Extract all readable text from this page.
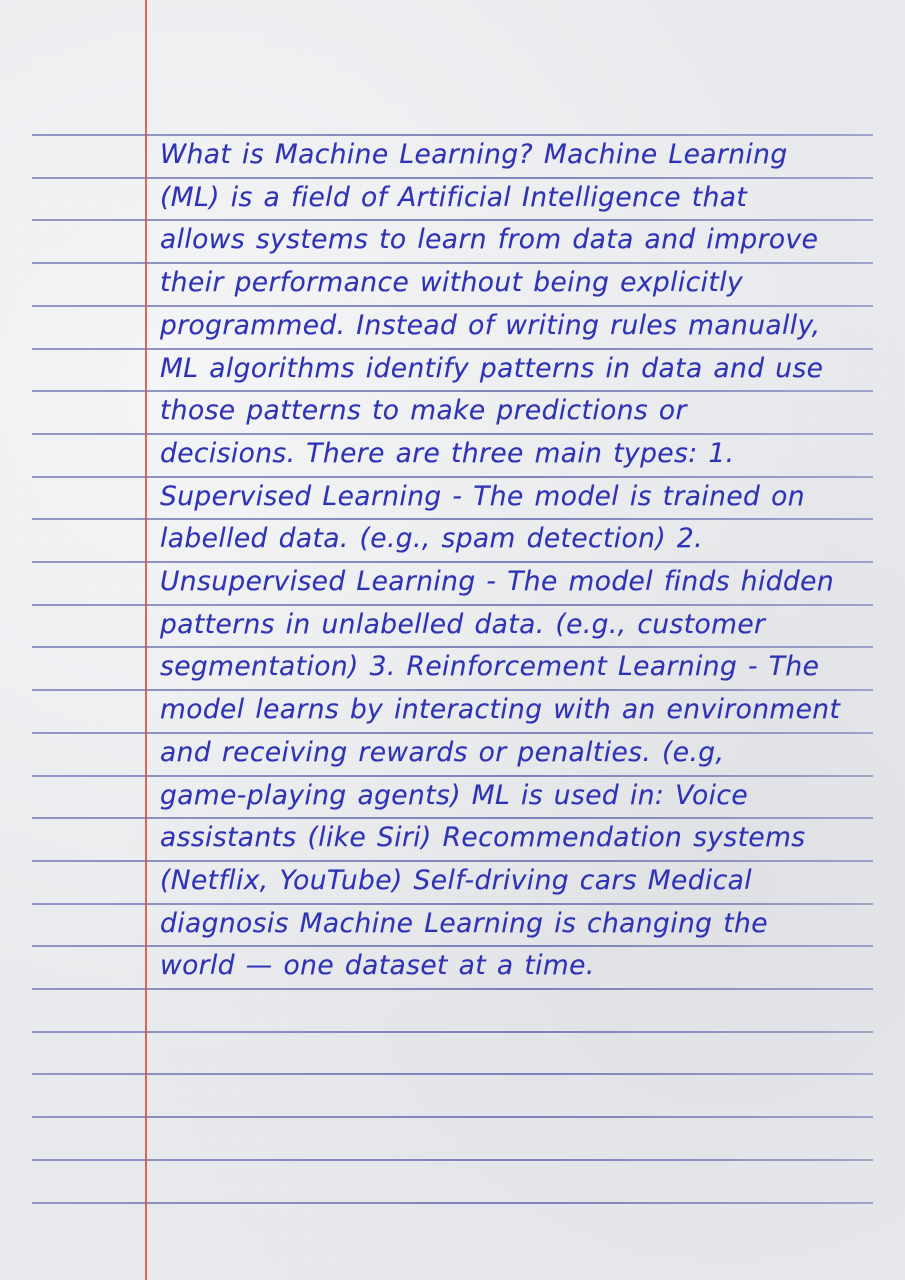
What is Machine Learning? Machine Learning
(ML) is a field of Artificial Intelligence that
allows systems to learn from data and improve
their performance without being explicitly
programmed. Instead of writing rules manually,
ML algorithms identify patterns in data and use
those patterns to make predictions or
decisions. There are three main types: 1.
Supervised Learning - The model is trained on
labelled data. (e.g., spam detection) 2.
Unsupervised Learning - The model finds hidden
patterns in unlabelled data. (e.g., customer
segmentation) 3. Reinforcement Learning - The
model learns by interacting with an environment
and receiving rewards or penalties. (e.g,
game-playing agents) ML is used in: Voice
assistants (like Siri) Recommendation systems
(Netflix, YouTube) Self-driving cars Medical
diagnosis Machine Learning is changing the
world — one dataset at a time.
